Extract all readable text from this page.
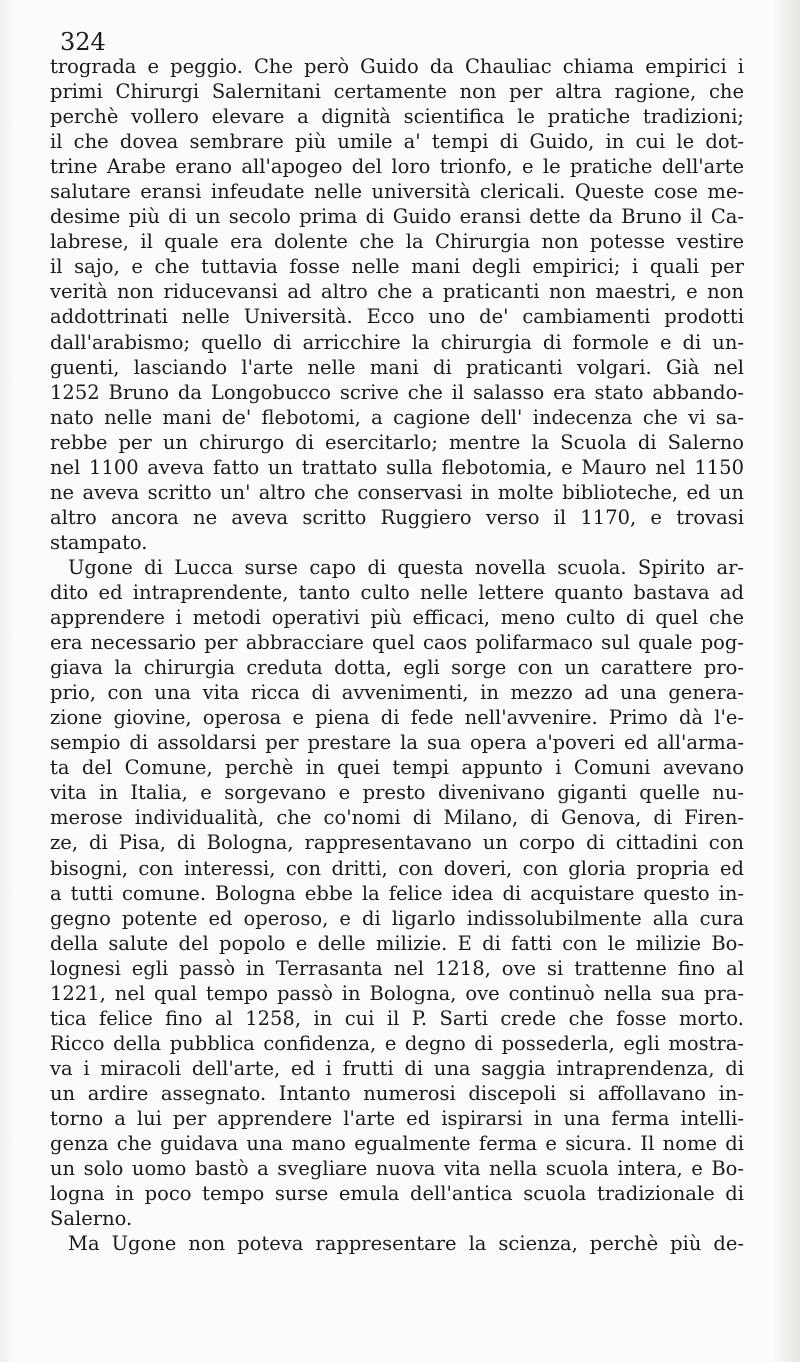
324

trograda e peggio. Che però Guido da Chauliac chiama empirici i
primi Chirurgi Salernitani certamente non per altra ragione, che
perchè vollero elevare a dignità scientifica le pratiche tradizioni;
il che dovea sembrare più umile a' tempi di Guido, in cui le dot-
trine Arabe erano all'apogeo del loro trionfo, e le pratiche dell'arte
salutare eransi infeudate nelle università clericali. Queste cose me-
desime più di un secolo prima di Guido eransi dette da Bruno il Ca-
labrese, il quale era dolente che la Chirurgia non potesse vestire
il sajo, e che tuttavia fosse nelle mani degli empirici; i quali per
verità non riducevansi ad altro che a praticanti non maestri, e non
addottrinati nelle Università. Ecco uno de' cambiamenti prodotti
dall'arabismo; quello di arricchire la chirurgia di formole e di un-
guenti, lasciando l'arte nelle mani di praticanti volgari. Già nel
1252 Bruno da Longobucco scrive che il salasso era stato abbando-
nato nelle mani de' flebotomi, a cagione dell' indecenza che vi sa-
rebbe per un chirurgo di esercitarlo; mentre la Scuola di Salerno
nel 1100 aveva fatto un trattato sulla flebotomia, e Mauro nel 1150
ne aveva scritto un' altro che conservasi in molte biblioteche, ed un
altro ancora ne aveva scritto Ruggiero verso il 1170, e trovasi
stampato.
Ugone di Lucca surse capo di questa novella scuola. Spirito ar-
dito ed intraprendente, tanto culto nelle lettere quanto bastava ad
apprendere i metodi operativi più efficaci, meno culto di quel che
era necessario per abbracciare quel caos polifarmaco sul quale pog-
giava la chirurgia creduta dotta, egli sorge con un carattere pro-
prio, con una vita ricca di avvenimenti, in mezzo ad una genera-
zione giovine, operosa e piena di fede nell'avvenire. Primo dà l'e-
sempio di assoldarsi per prestare la sua opera a'poveri ed all'arma-
ta del Comune, perchè in quei tempi appunto i Comuni avevano
vita in Italia, e sorgevano e presto divenivano giganti quelle nu-
merose individualità, che co'nomi di Milano, di Genova, di Firen-
ze, di Pisa, di Bologna, rappresentavano un corpo di cittadini con
bisogni, con interessi, con dritti, con doveri, con gloria propria ed
a tutti comune. Bologna ebbe la felice idea di acquistare questo in-
gegno potente ed operoso, e di ligarlo indissolubilmente alla cura
della salute del popolo e delle milizie. E di fatti con le milizie Bo-
lognesi egli passò in Terrasanta nel 1218, ove si trattenne fino al
1221, nel qual tempo passò in Bologna, ove continuò nella sua pra-
tica felice fino al 1258, in cui il P. Sarti crede che fosse morto.
Ricco della pubblica confidenza, e degno di possederla, egli mostra-
va i miracoli dell'arte, ed i frutti di una saggia intraprendenza, di
un ardire assegnato. Intanto numerosi discepoli si affollavano in-
torno a lui per apprendere l'arte ed ispirarsi in una ferma intelli-
genza che guidava una mano egualmente ferma e sicura. Il nome di
un solo uomo bastò a svegliare nuova vita nella scuola intera, e Bo-
logna in poco tempo surse emula dell'antica scuola tradizionale di
Salerno.
Ma Ugone non poteva rappresentare la scienza, perchè più de-
